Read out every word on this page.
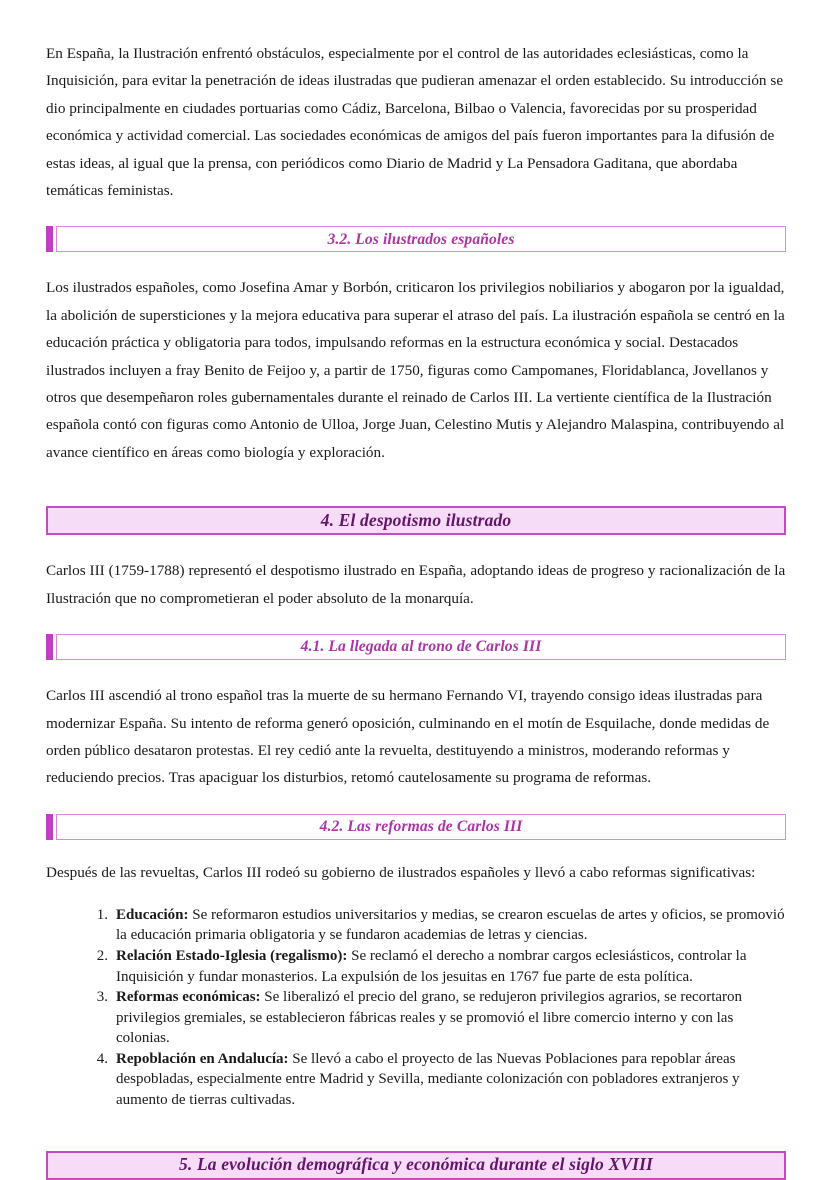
En España, la Ilustración enfrentó obstáculos, especialmente por el control de las autoridades eclesiásticas, como la Inquisición, para evitar la penetración de ideas ilustradas que pudieran amenazar el orden establecido. Su introducción se dio principalmente en ciudades portuarias como Cádiz, Barcelona, Bilbao o Valencia, favorecidas por su prosperidad económica y actividad comercial. Las sociedades económicas de amigos del país fueron importantes para la difusión de estas ideas, al igual que la prensa, con periódicos como Diario de Madrid y La Pensadora Gaditana, que abordaba temáticas feministas.

3.2. Los ilustrados españoles

Los ilustrados españoles, como Josefina Amar y Borbón, criticaron los privilegios nobiliarios y abogaron por la igualdad, la abolición de supersticiones y la mejora educativa para superar el atraso del país. La ilustración española se centró en la educación práctica y obligatoria para todos, impulsando reformas en la estructura económica y social. Destacados ilustrados incluyen a fray Benito de Feijoo y, a partir de 1750, figuras como Campomanes, Floridablanca, Jovellanos y otros que desempeñaron roles gubernamentales durante el reinado de Carlos III. La vertiente científica de la Ilustración española contó con figuras como Antonio de Ulloa, Jorge Juan, Celestino Mutis y Alejandro Malaspina, contribuyendo al avance científico en áreas como biología y exploración.

4. El despotismo ilustrado

Carlos III (1759-1788) representó el despotismo ilustrado en España, adoptando ideas de progreso y racionalización de la Ilustración que no comprometieran el poder absoluto de la monarquía.

4.1. La llegada al trono de Carlos III

Carlos III ascendió al trono español tras la muerte de su hermano Fernando VI, trayendo consigo ideas ilustradas para modernizar España. Su intento de reforma generó oposición, culminando en el motín de Esquilache, donde medidas de orden público desataron protestas. El rey cedió ante la revuelta, destituyendo a ministros, moderando reformas y reduciendo precios. Tras apaciguar los disturbios, retomó cautelosamente su programa de reformas.

4.2. Las reformas de Carlos III

Después de las revueltas, Carlos III rodeó su gobierno de ilustrados españoles y llevó a cabo reformas significativas:

Educación: Se reformaron estudios universitarios y medias, se crearon escuelas de artes y oficios, se promovió la educación primaria obligatoria y se fundaron academias de letras y ciencias.
Relación Estado-Iglesia (regalismo): Se reclamó el derecho a nombrar cargos eclesiásticos, controlar la Inquisición y fundar monasterios. La expulsión de los jesuitas en 1767 fue parte de esta política.
Reformas económicas: Se liberalizó el precio del grano, se redujeron privilegios agrarios, se recortaron privilegios gremiales, se establecieron fábricas reales y se promovió el libre comercio interno y con las colonias.
Repoblación en Andalucía: Se llevó a cabo el proyecto de las Nuevas Poblaciones para repoblar áreas despobladas, especialmente entre Madrid y Sevilla, mediante colonización con pobladores extranjeros y aumento de tierras cultivadas.
5. La evolución demográfica y económica durante el siglo XVIII
